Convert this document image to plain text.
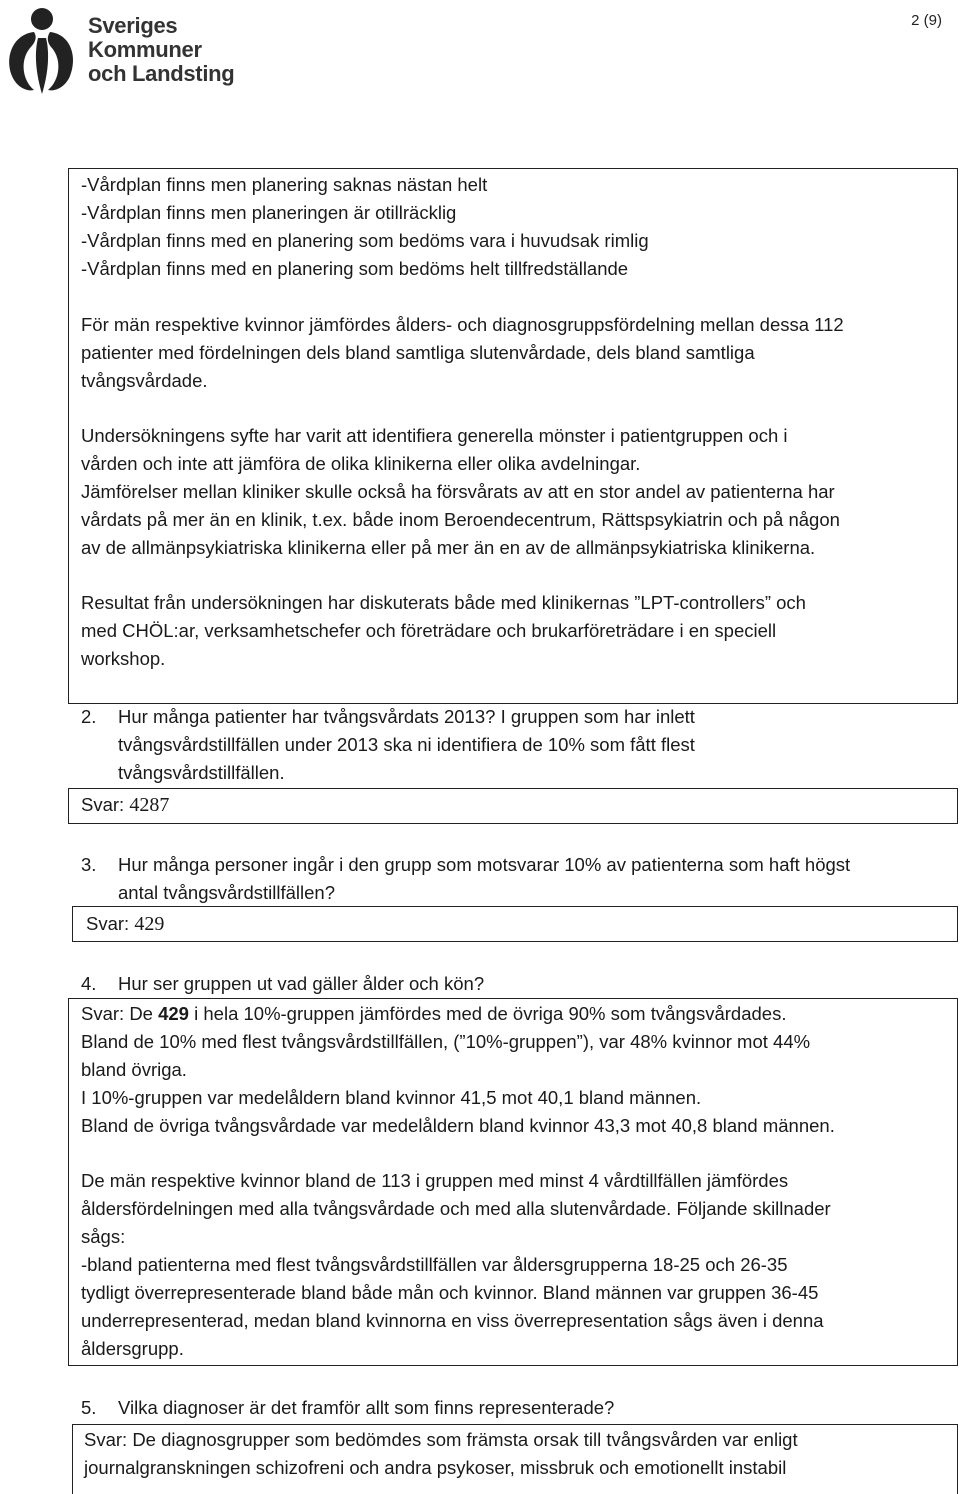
Sveriges
Kommuner
och Landsting
2 (9)
-Vårdplan finns men planering saknas nästan helt
-Vårdplan finns men planeringen är otillräcklig
-Vårdplan finns med en planering som bedöms vara i huvudsak rimlig
-Vårdplan finns med en planering som bedöms helt tillfredställande
För män respektive kvinnor jämfördes ålders- och diagnosgruppsfördelning mellan dessa 112
patienter med fördelningen dels bland samtliga slutenvårdade, dels bland samtliga
tvångsvårdade.
Undersökningens syfte har varit att identifiera generella mönster i patientgruppen och i
vården och inte att jämföra de olika klinikerna eller olika avdelningar.
Jämförelser mellan kliniker skulle också ha försvårats av att en stor andel av patienterna har
vårdats på mer än en klinik, t.ex. både inom Beroendecentrum, Rättspsykiatrin och på någon
av de allmänpsykiatriska klinikerna eller på mer än en av de allmänpsykiatriska klinikerna.
Resultat från undersökningen har diskuterats både med klinikernas ”LPT-controllers” och
med CHÖL:ar, verksamhetschefer och företrädare och brukarföreträdare i en speciell
workshop.
2. Hur många patienter har tvångsvårdats 2013? I gruppen som har inlett
tvångsvårdstillfällen under 2013 ska ni identifiera de 10% som fått flest
tvångsvårdstillfällen.
Svar: 4287
3. Hur många personer ingår i den grupp som motsvarar 10% av patienterna som haft högst
antal tvångsvårdstillfällen?
Svar: 429
4. Hur ser gruppen ut vad gäller ålder och kön?
Svar: De 429 i hela 10%-gruppen jämfördes med de övriga 90% som tvångsvårdades.
Bland de 10% med flest tvångsvårdstillfällen, (”10%-gruppen”), var 48% kvinnor mot 44%
bland övriga.
I 10%-gruppen var medelåldern bland kvinnor 41,5 mot 40,1 bland männen.
Bland de övriga tvångsvårdade var medelåldern bland kvinnor 43,3 mot 40,8 bland männen.
De män respektive kvinnor bland de 113 i gruppen med minst 4 vårdtillfällen jämfördes
åldersfördelningen med alla tvångsvårdade och med alla slutenvårdade. Följande skillnader
sågs:
-bland patienterna med flest tvångsvårdstillfällen var åldersgrupperna 18-25 och 26-35
tydligt överrepresenterade bland både mån och kvinnor. Bland männen var gruppen 36-45
underrepresenterad, medan bland kvinnorna en viss överrepresentation sågs även i denna
åldersgrupp.
5. Vilka diagnoser är det framför allt som finns representerade?
Svar: De diagnosgrupper som bedömdes som främsta orsak till tvångsvården var enligt
journalgranskningen schizofreni och andra psykoser, missbruk och emotionellt instabil
